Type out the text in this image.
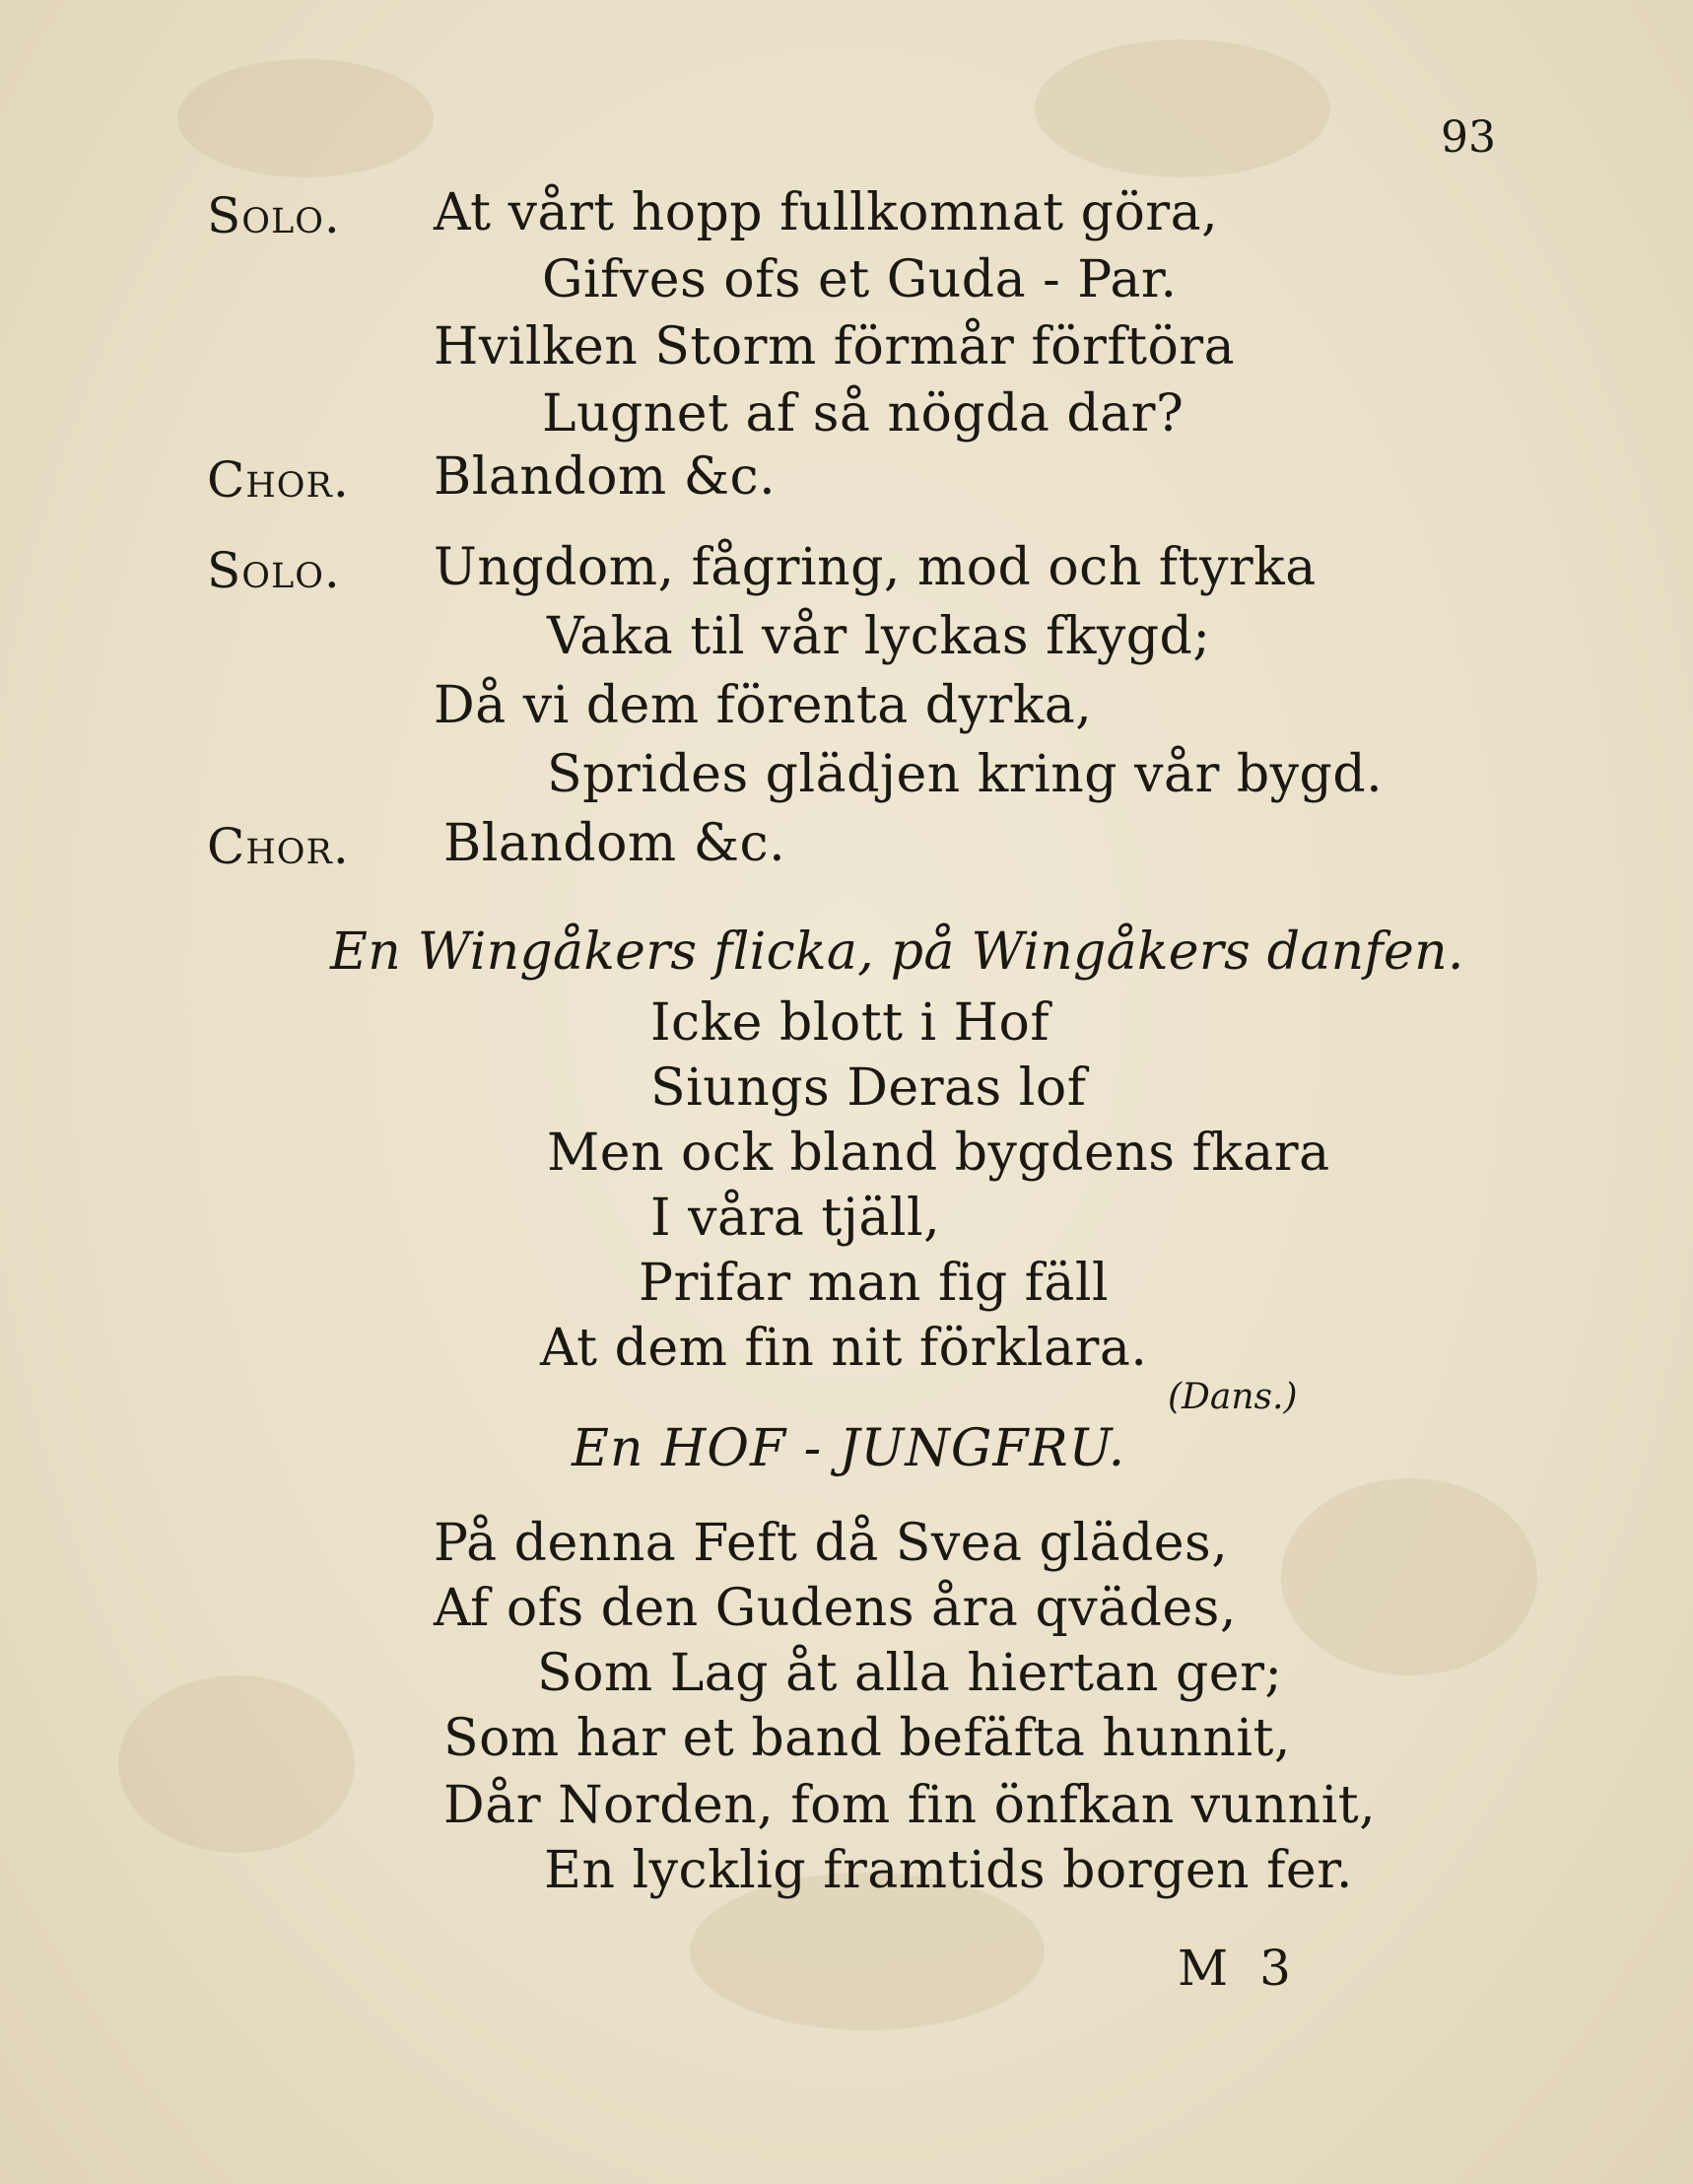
93
Solo. At vårt hopp fullkomnat göra,
Gifves ofs et Guda - Par.
Hvilken Storm förmår förftöra
Lugnet af så nögda dar?
Chor. Blandom &c.
Solo. Ungdom, fågring, mod och ftyrka
Vaka til vår lyckas fkygd;
Då vi dem förenta dyrka,
Sprides glädjen kring vår bygd.
Chor. Blandom &c.
En Wingåkers flicka, på Wingåkers danfen.
Icke blott i Hof
Siungs Deras lof
Men ock bland bygdens fkara
I våra tjäll,
Prifar man fig fäll
At dem fin nit förklara.
(Dans.)
En HOF - JUNGFRU.
På denna Feft då Svea glädes,
Af ofs den Gudens åra qvädes,
Som Lag åt alla hiertan ger;
Som har et band befäfta hunnit,
Dår Norden, fom fin önfkan vunnit,
En lycklig framtids borgen fer.
M 3
